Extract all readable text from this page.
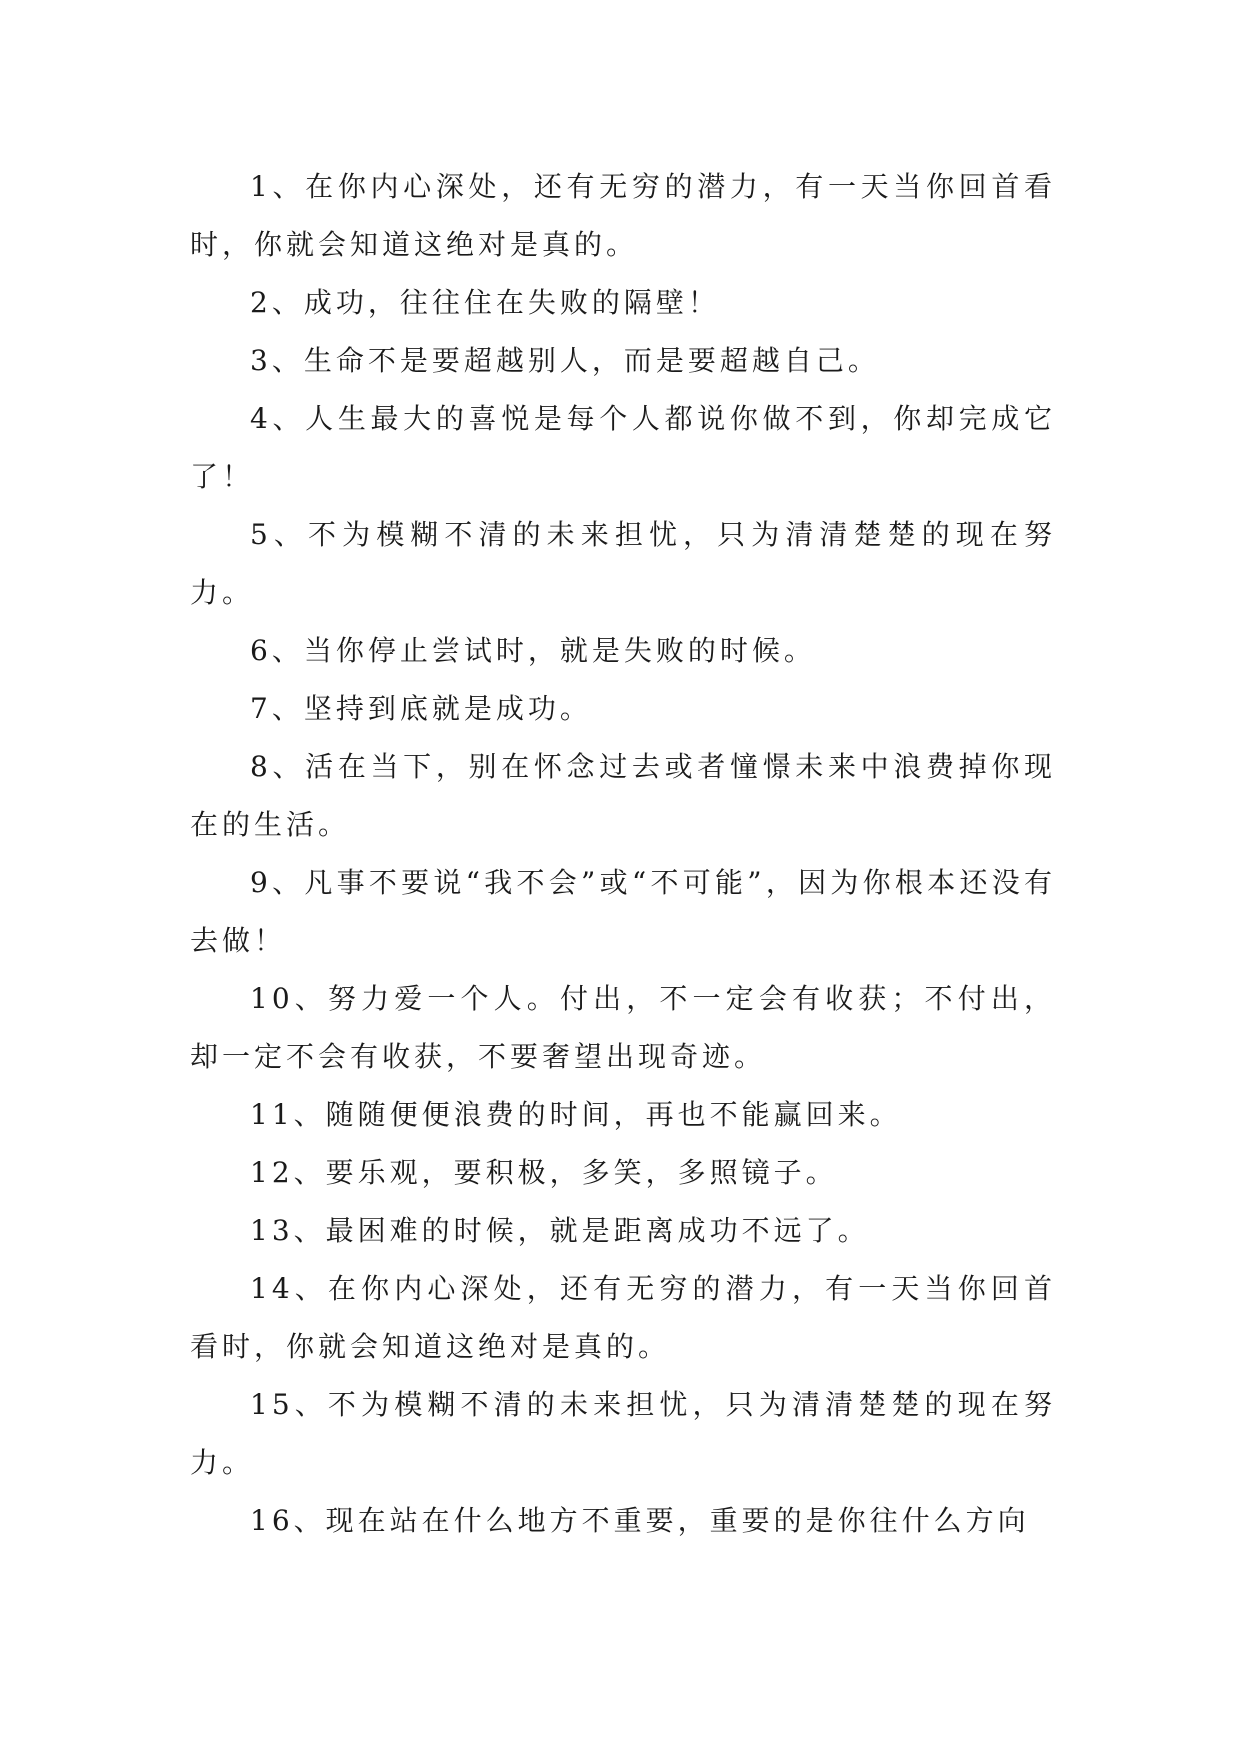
1、在你内心深处，还有无穷的潜力，有一天当你回首看时，你就会知道这绝对是真的。

2、成功，往往住在失败的隔壁！

3、生命不是要超越别人，而是要超越自己。

4、人生最大的喜悦是每个人都说你做不到，你却完成它了！

5、不为模糊不清的未来担忧，只为清清楚楚的现在努力。

6、当你停止尝试时，就是失败的时候。

7、坚持到底就是成功。

8、活在当下，别在怀念过去或者憧憬未来中浪费掉你现在的生活。

9、凡事不要说“我不会”或“不可能”，因为你根本还没有去做！

10、努力爱一个人。付出，不一定会有收获；不付出，却一定不会有收获，不要奢望出现奇迹。

11、随随便便浪费的时间，再也不能赢回来。

12、要乐观，要积极，多笑，多照镜子。

13、最困难的时候，就是距离成功不远了。

14、在你内心深处，还有无穷的潜力，有一天当你回首看时，你就会知道这绝对是真的。

15、不为模糊不清的未来担忧，只为清清楚楚的现在努力。

16、现在站在什么地方不重要，重要的是你往什么方向
